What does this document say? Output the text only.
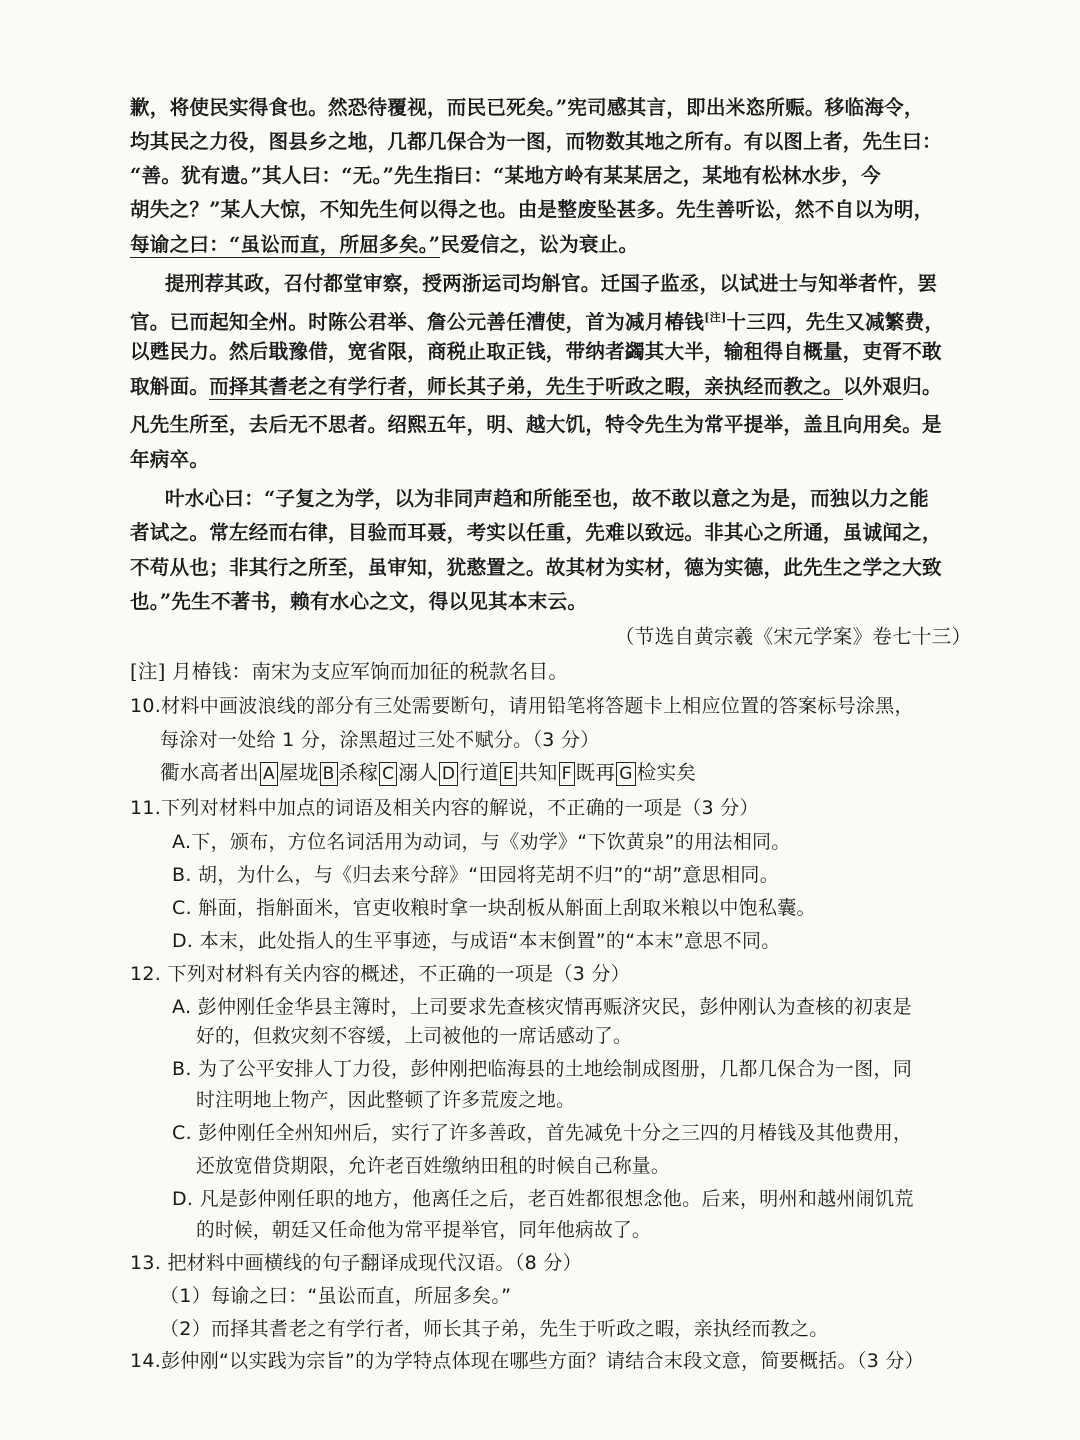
歉，将使民实得食也。然恐待覆视，而民已死矣。”宪司感其言，即出米恣所赈。移临海令，
均其民之力役，图县乡之地，几都几保合为一图，而物数其地之所有。有以图上者，先生曰：
“善。犹有遗。”其人曰：“无。”先生指曰：“某地方岭有某某居之，某地有松林水步，今
胡失之？”某人大惊，不知先生何以得之也。由是整废坠甚多。先生善听讼，然不自以为明，
每谕之曰：“虽讼而直，所屈多矣。”民爱信之，讼为衰止。
提刑荐其政，召付都堂审察，授两浙运司均斛官。迁国子监丞，以试进士与知举者忤，罢
官。已而起知全州。时陈公君举、詹公元善任漕使，首为减月椿钱[注]十三四，先生又减繁费，
以甦民力。然后戢豫借，宽省限，商税止取正钱，带纳者蠲其大半，输租得自概量，吏胥不敢
取斛面。而择其耆老之有学行者，师长其子弟，先生于听政之暇，亲执经而教之。以外艰归。
凡先生所至，去后无不思者。绍熙五年，明、越大饥，特令先生为常平提举，盖且向用矣。是
年病卒。
叶水心曰：“子复之为学，以为非同声趋和所能至也，故不敢以意之为是，而独以力之能
者试之。常左经而右律，目验而耳聂，考实以任重，先难以致远。非其心之所通，虽诚闻之，
不苟从也；非其行之所至，虽审知，犹憨置之。故其材为实材，德为实德，此先生之学之大致
也。”先生不著书，赖有水心之文，得以见其本末云。
（节选自黄宗羲《宋元学案》卷七十三）
[注] 月椿钱：南宋为支应军饷而加征的税款名目。
10.材料中画波浪线的部分有三处需要断句，请用铅笔将答题卡上相应位置的答案标号涂黑，
每涂对一处给 1 分，涂黑超过三处不赋分。（3 分）
衢水高者出 A 屋垅 B 杀稼 C 溺人 D 行道 E 共知 F 既再 G 检实矣
11.下列对材料中加点的词语及相关内容的解说，不正确的一项是（3 分）
A.下，颁布，方位名词活用为动词，与《劝学》“下饮黄泉”的用法相同。
B. 胡，为什么，与《归去来兮辞》“田园将芜胡不归”的“胡”意思相同。
C. 斛面，指斛面米，官吏收粮时拿一块刮板从斛面上刮取米粮以中饱私囊。
D. 本末，此处指人的生平事迹，与成语“本末倒置”的“本末”意思不同。
12. 下列对材料有关内容的概述，不正确的一项是（3 分）
A. 彭仲刚任金华县主簿时，上司要求先查核灾情再赈济灾民，彭仲刚认为查核的初衷是
好的，但救灾刻不容缓，上司被他的一席话感动了。
B. 为了公平安排人丁力役，彭仲刚把临海县的土地绘制成图册，几都几保合为一图，同
时注明地上物产，因此整顿了许多荒废之地。
C. 彭仲刚任全州知州后，实行了许多善政，首先减免十分之三四的月椿钱及其他费用，
还放宽借贷期限，允许老百姓缴纳田租的时候自己称量。
D. 凡是彭仲刚任职的地方，他离任之后，老百姓都很想念他。后来，明州和越州闹饥荒
的时候，朝廷又任命他为常平提举官，同年他病故了。
13. 把材料中画横线的句子翻译成现代汉语。（8 分）
（1）每谕之曰：“虽讼而直，所屈多矣。”
（2）而择其耆老之有学行者，师长其子弟，先生于听政之暇，亲执经而教之。
14.彭仲刚“以实践为宗旨”的为学特点体现在哪些方面？请结合末段文意，简要概括。（3 分）
